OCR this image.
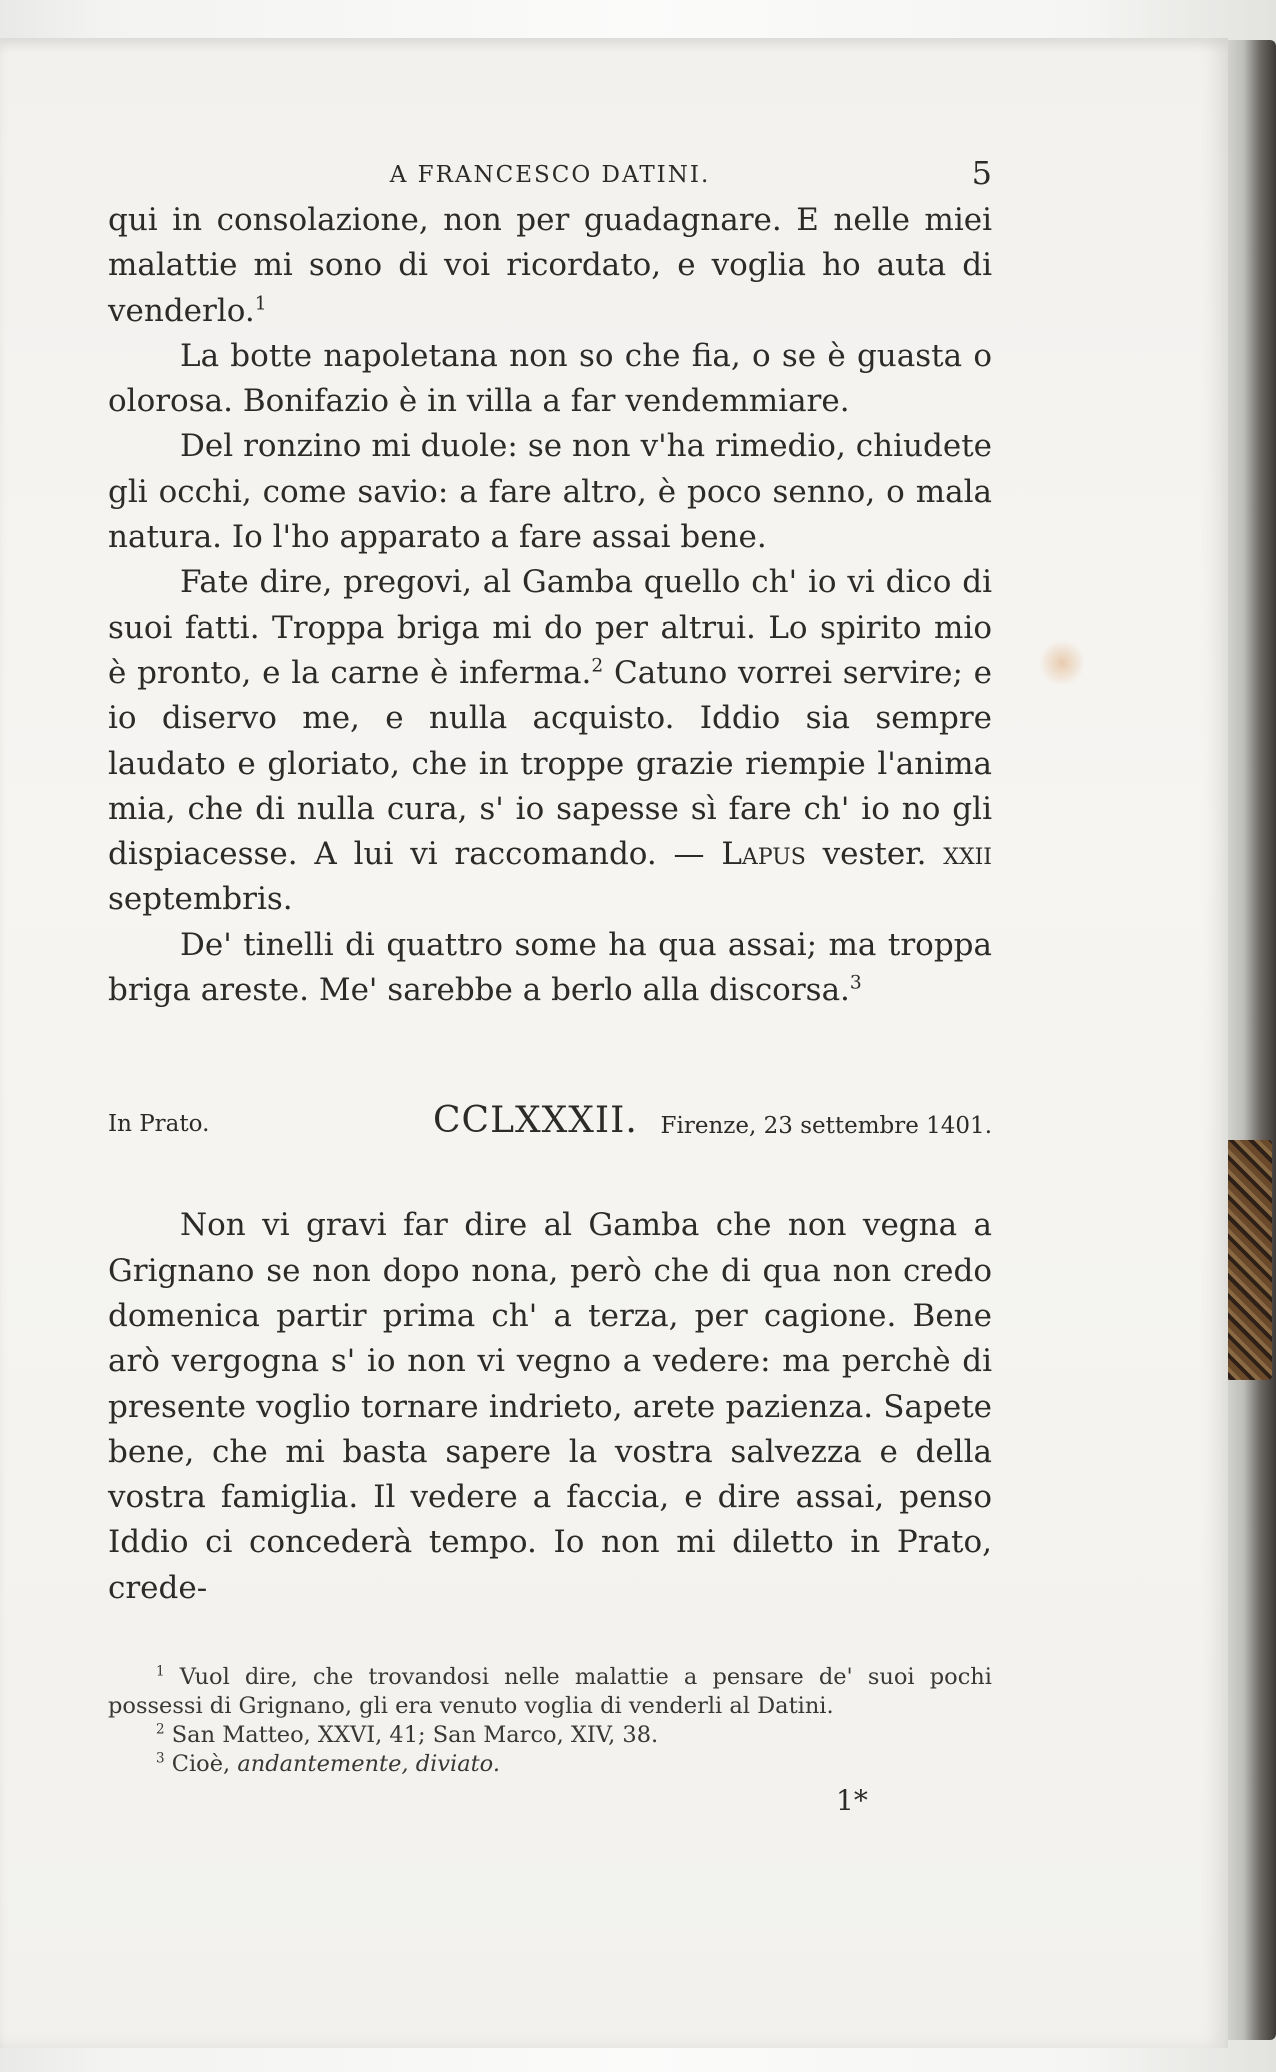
A FRANCESCO DATINI.	5

qui in consolazione, non per guadagnare. E nelle miei malattie mi sono di voi ricordato, e voglia ho auta di venderlo.$^1$

La botte napoletana non so che fia, o se è guasta o olorosa. Bonifazio è in villa a far vendemmiare.

Del ronzino mi duole: se non v'ha rimedio, chiudete gli occhi, come savio: a fare altro, è poco senno, o mala natura. Io l'ho apparato a fare assai bene.

Fate dire, pregovi, al Gamba quello ch' io vi dico di suoi fatti. Troppa briga mi do per altrui. Lo spirito mio è pronto, e la carne è inferma.$^2$ Catuno vorrei servire; e io diservo me, e nulla acquisto. Iddio sia sempre laudato e gloriato, che in troppe grazie riempie l'anima mia, che di nulla cura, s' io sapesse sì fare ch' io no gli dispiacesse. A lui vi raccomando. — Lapus vester. xxii septembris.

De' tinelli di quattro some ha qua assai; ma troppa briga areste. Me' sarebbe a berlo alla discorsa.$^3$

In Prato.	CCLXXXII. Firenze, 23 settembre 1401.

Non vi gravi far dire al Gamba che non vegna a Grignano se non dopo nona, però che di qua non credo domenica partir prima ch' a terza, per cagione. Bene arò vergogna s' io non vi vegno a vedere: ma perchè di presente voglio tornare indrieto, arete pazienza. Sapete bene, che mi basta sapere la vostra salvezza e della vostra famiglia. Il vedere a faccia, e dire assai, penso Iddio ci concederà tempo. Io non mi diletto in Prato, crede-

$^1$ Vuol dire, che trovandosi nelle malattie a pensare de' suoi pochi possessi di Grignano, gli era venuto voglia di venderli al Datini.

$^2$ San Matteo, XXVI, 41; San Marco, XIV, 38.

$^3$ Cioè, andantemente, diviato.

1*
